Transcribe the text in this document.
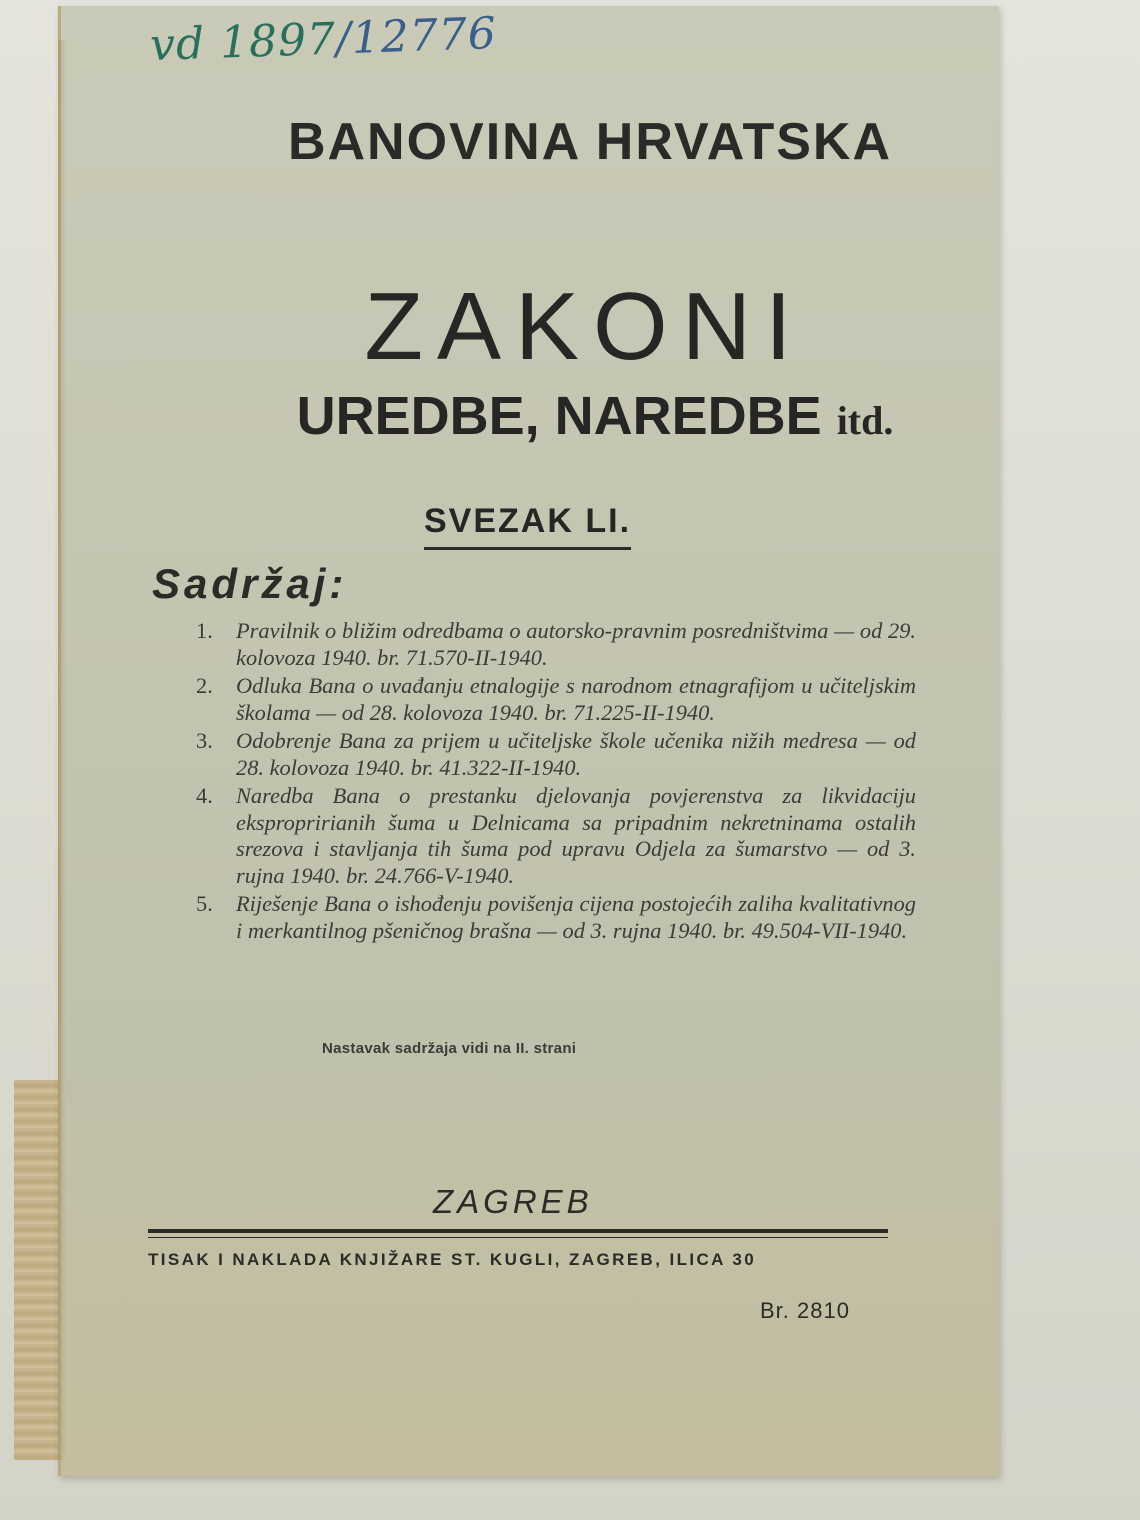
vd 1897/12776
BANOVINA HRVATSKA
ZAKONI
UREDBE, NAREDBE itd.
SVEZAK LI.
Sadržaj:
1. Pravilnik o bližim odredbama o autorsko-pravnim posredništvima — od 29. kolovoza 1940. br. 71.570-II-1940.
2. Odluka Bana o uvađanju etnalogije s narodnom etnagrafijom u učiteljskim školama — od 28. kolovoza 1940. br. 71.225-II-1940.
3. Odobrenje Bana za prijem u učiteljske škole učenika nižih medresa — od 28. kolovoza 1940. br. 41.322-II-1940.
4. Naredba Bana o prestanku djelovanja povjerenstva za likvidaciju ekspropririanih šuma u Delnicama sa pripadnim nekretninama ostalih srezova i stavljanja tih šuma pod upravu Odjela za šumarstvo — od 3. rujna 1940. br. 24.766-V-1940.
5. Riješenje Bana o ishođenju povišenja cijena postojećih zaliha kvalitativnog i merkantilnog pšeničnog brašna — od 3. rujna 1940. br. 49.504-VII-1940.
Nastavak sadržaja vidi na II. strani
ZAGREB
TISAK I NAKLADA KNJIŽARE ST. KUGLI, ZAGREB, ILICA 30
Br. 2810
